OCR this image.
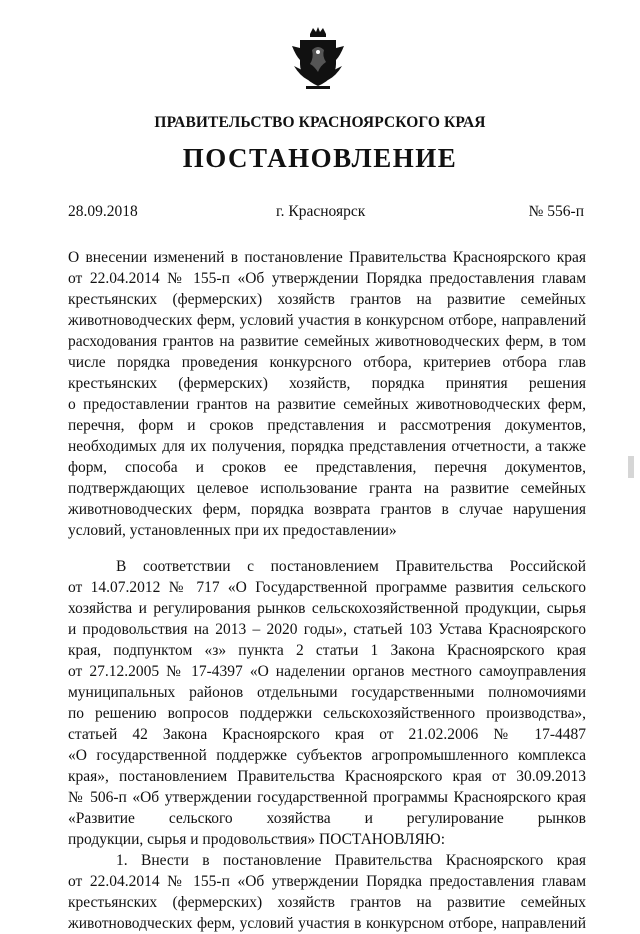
ПРАВИТЕЛЬСТВО КРАСНОЯРСКОГО КРАЯ
ПОСТАНОВЛЕНИЕ
28.09.2018	г. Красноярск	№ 556-п
О внесении изменений в постановление Правительства Красноярского края
от 22.04.2014 № 155-п «Об утверждении Порядка предоставления главам
крестьянских (фермерских) хозяйств грантов на развитие семейных
животноводческих ферм, условий участия в конкурсном отборе, направлений
расходования грантов на развитие семейных животноводческих ферм, в том
числе порядка проведения конкурсного отбора, критериев отбора глав
крестьянских (фермерских) хозяйств, порядка принятия решения
о предоставлении грантов на развитие семейных животноводческих ферм,
перечня, форм и сроков представления и рассмотрения документов,
необходимых для их получения, порядка представления отчетности, а также
форм, способа и сроков ее представления, перечня документов,
подтверждающих целевое использование гранта на развитие семейных
животноводческих ферм, порядка возврата грантов в случае нарушения
условий, установленных при их предоставлении»
В соответствии с постановлением Правительства Российской
от 14.07.2012 № 717 «О Государственной программе развития сельского
хозяйства и регулирования рынков сельскохозяйственной продукции, сырья
и продовольствия на 2013 – 2020 годы», статьей 103 Устава Красноярского
края, подпунктом «з» пункта 2 статьи 1 Закона Красноярского края
от 27.12.2005 № 17-4397 «О наделении органов местного самоуправления
муниципальных районов отдельными государственными полномочиями
по решению вопросов поддержки сельскохозяйственного производства»,
статьей 42 Закона Красноярского края от 21.02.2006 № 17-4487
«О государственной поддержке субъектов агропромышленного комплекса
края», постановлением Правительства Красноярского края от 30.09.2013
№ 506-п «Об утверждении государственной программы Красноярского края
«Развитие сельского хозяйства и регулирование рынков
продукции, сырья и продовольствия» ПОСТАНОВЛЯЮ:
1. Внести в постановление Правительства Красноярского края
от 22.04.2014 № 155-п «Об утверждении Порядка предоставления главам
крестьянских (фермерских) хозяйств грантов на развитие семейных
животноводческих ферм, условий участия в конкурсном отборе, направлений
